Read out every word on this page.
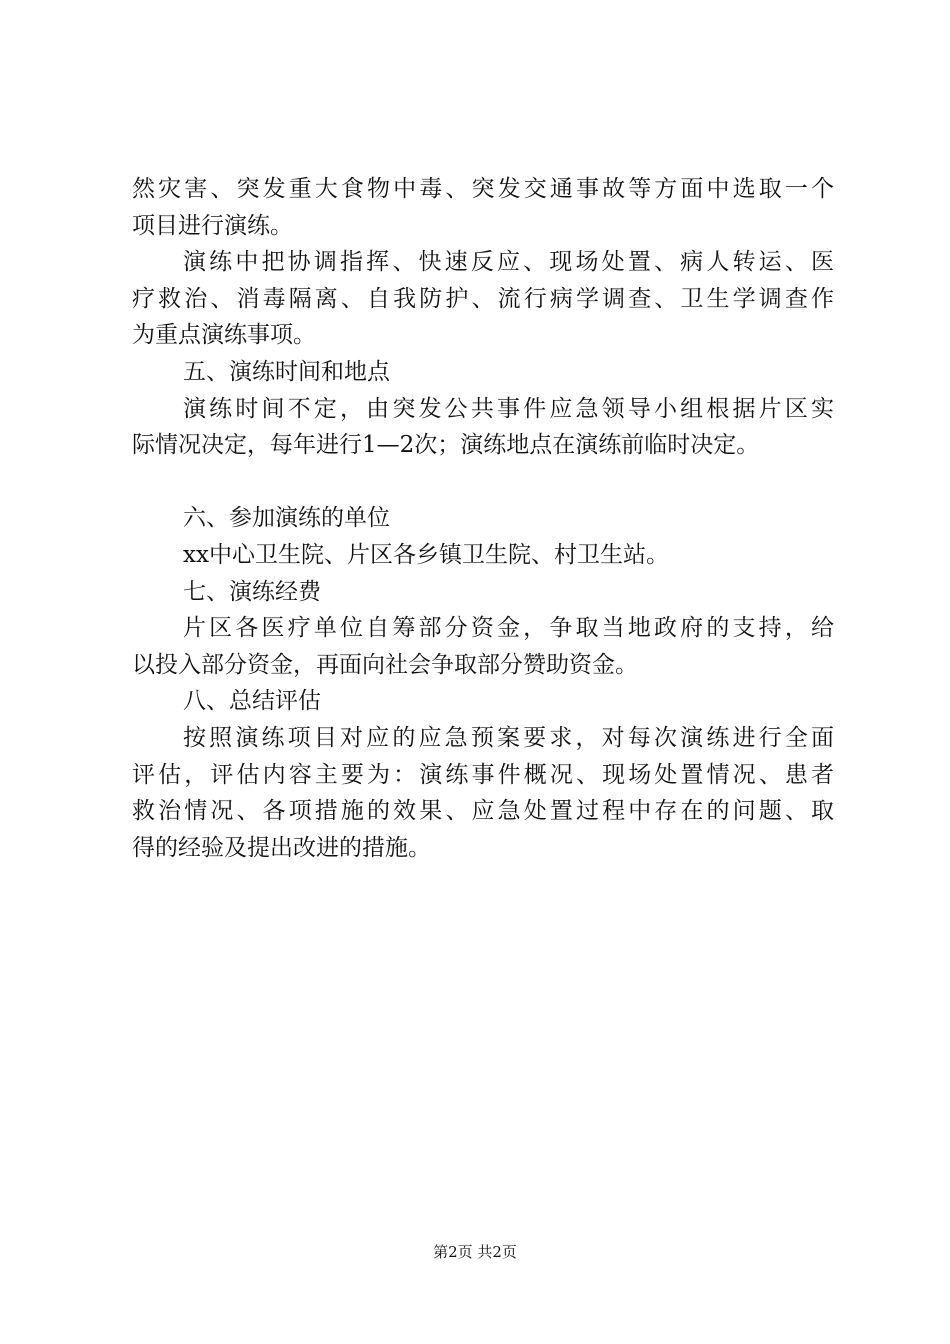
然灾害、突发重大食物中毒、突发交通事故等方面中选取一个
项目进行演练。
演练中把协调指挥、快速反应、现场处置、病人转运、医
疗救治、消毒隔离、自我防护、流行病学调查、卫生学调查作
为重点演练事项。
五、演练时间和地点
演练时间不定，由突发公共事件应急领导小组根据片区实
际情况决定，每年进行1—2次；演练地点在演练前临时决定。
六、参加演练的单位
xx中心卫生院、片区各乡镇卫生院、村卫生站。
七、演练经费
片区各医疗单位自筹部分资金，争取当地政府的支持，给
以投入部分资金，再面向社会争取部分赞助资金。
八、总结评估
按照演练项目对应的应急预案要求，对每次演练进行全面
评估，评估内容主要为：演练事件概况、现场处置情况、患者
救治情况、各项措施的效果、应急处置过程中存在的问题、取
得的经验及提出改进的措施。
第2页 共2页
